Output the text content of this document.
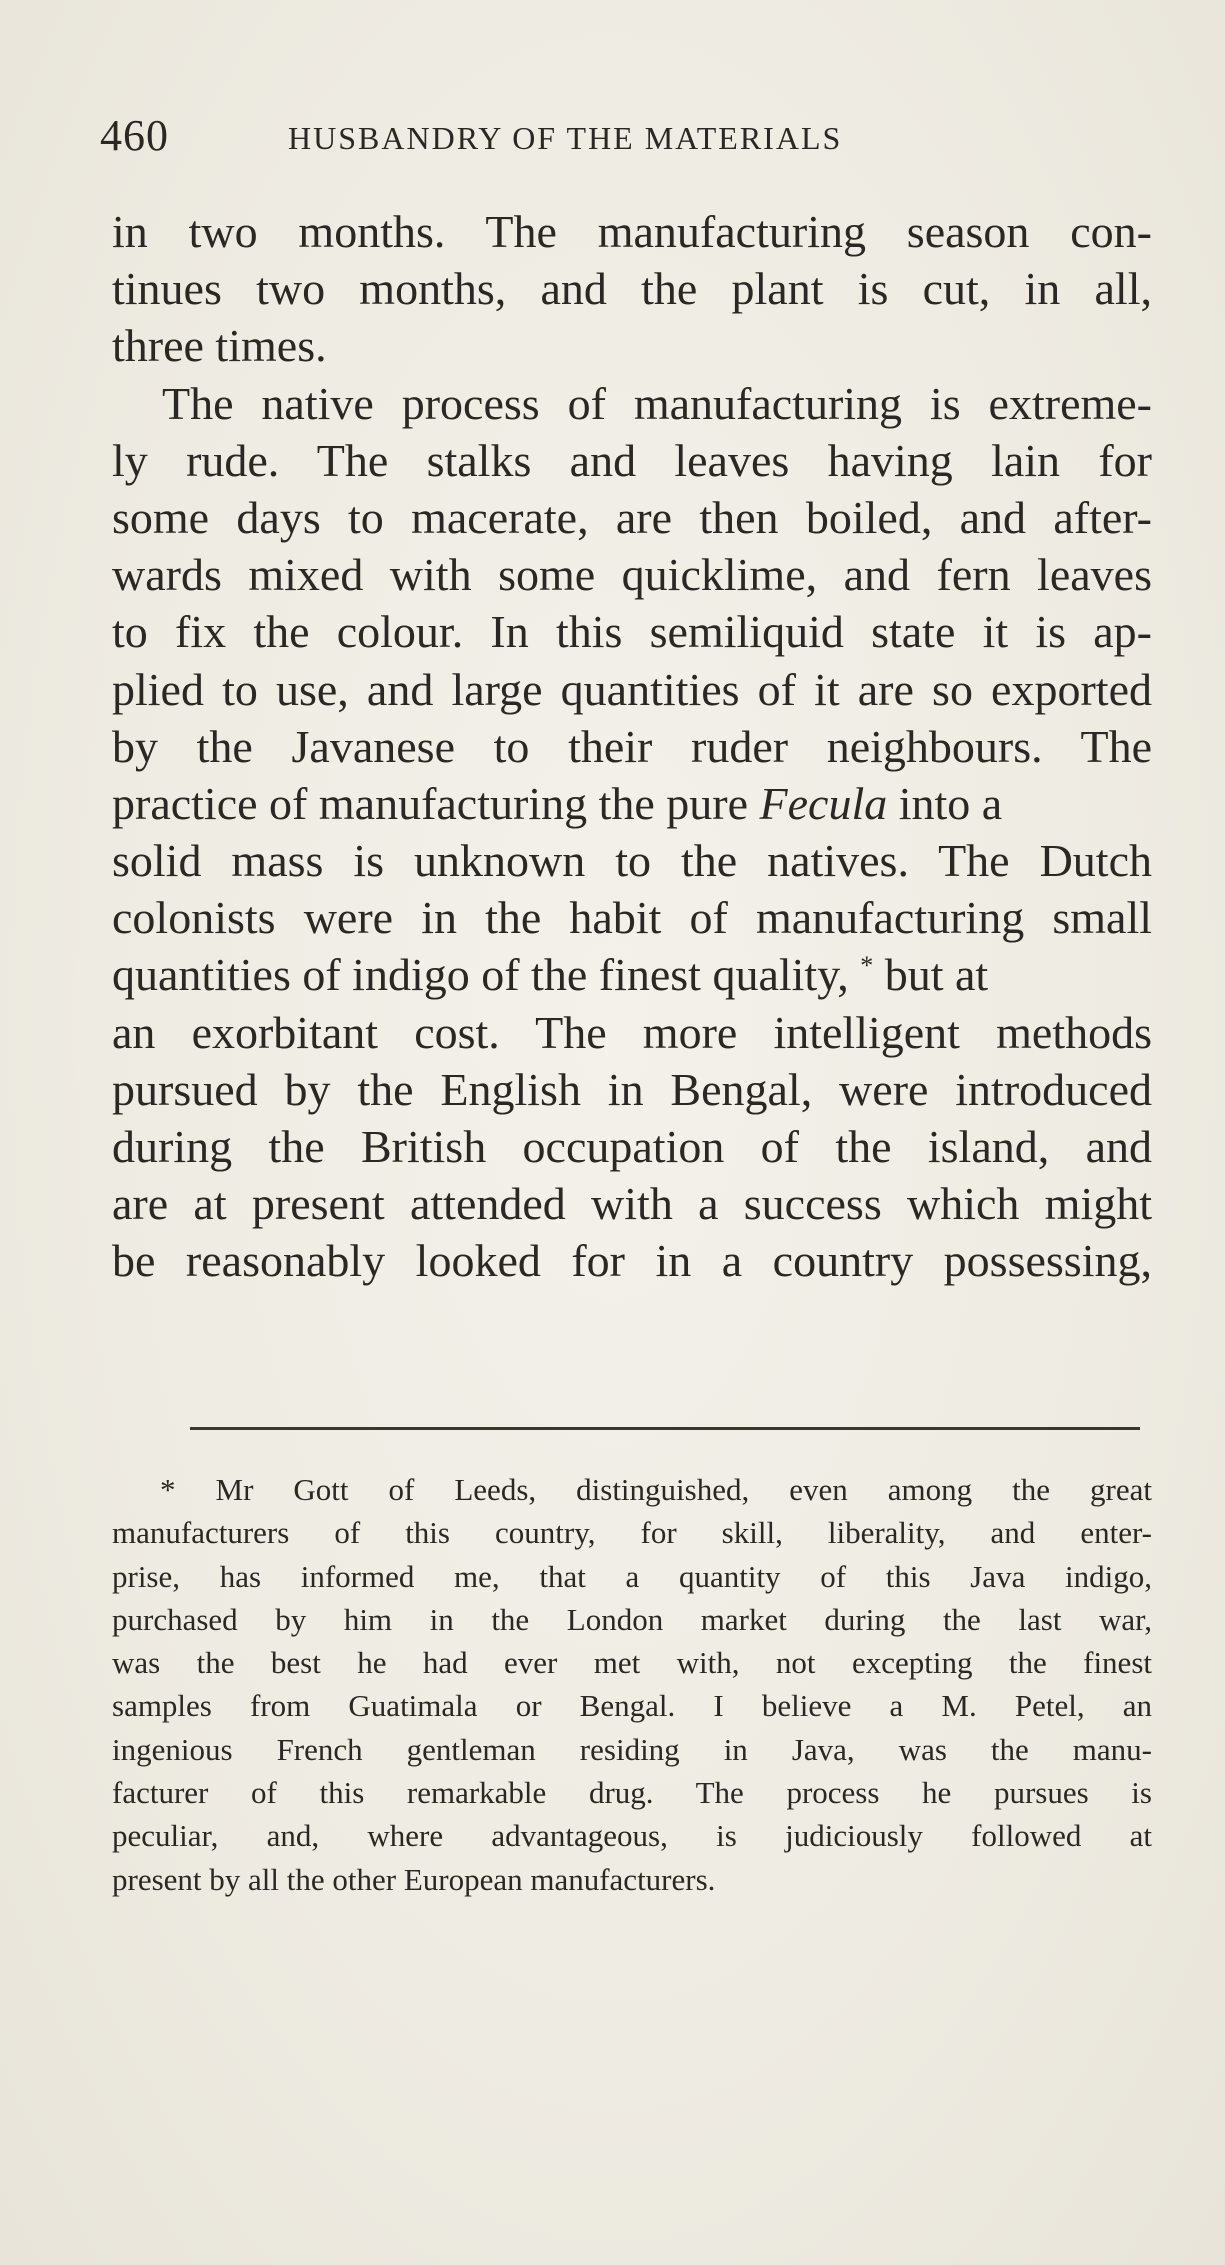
460	HUSBANDRY OF THE MATERIALS
in two months. The manufacturing season con-
tinues two months, and the plant is cut, in all,
three times.
The native process of manufacturing is extreme-
ly rude. The stalks and leaves having lain for
some days to macerate, are then boiled, and after-
wards mixed with some quicklime, and fern leaves
to fix the colour. In this semiliquid state it is ap-
plied to use, and large quantities of it are so exported
by the Javanese to their ruder neighbours. The
practice of manufacturing the pure Fecula into a
solid mass is unknown to the natives. The Dutch
colonists were in the habit of manufacturing small
quantities of indigo of the finest quality, * but at
an exorbitant cost. The more intelligent methods
pursued by the English in Bengal, were introduced
during the British occupation of the island, and
are at present attended with a success which might
be reasonably looked for in a country possessing,
* Mr Gott of Leeds, distinguished, even among the great
manufacturers of this country, for skill, liberality, and enter-
prise, has informed me, that a quantity of this Java indigo,
purchased by him in the London market during the last war,
was the best he had ever met with, not excepting the finest
samples from Guatimala or Bengal. I believe a M. Petel, an
ingenious French gentleman residing in Java, was the manu-
facturer of this remarkable drug. The process he pursues is
peculiar, and, where advantageous, is judiciously followed at
present by all the other European manufacturers.
